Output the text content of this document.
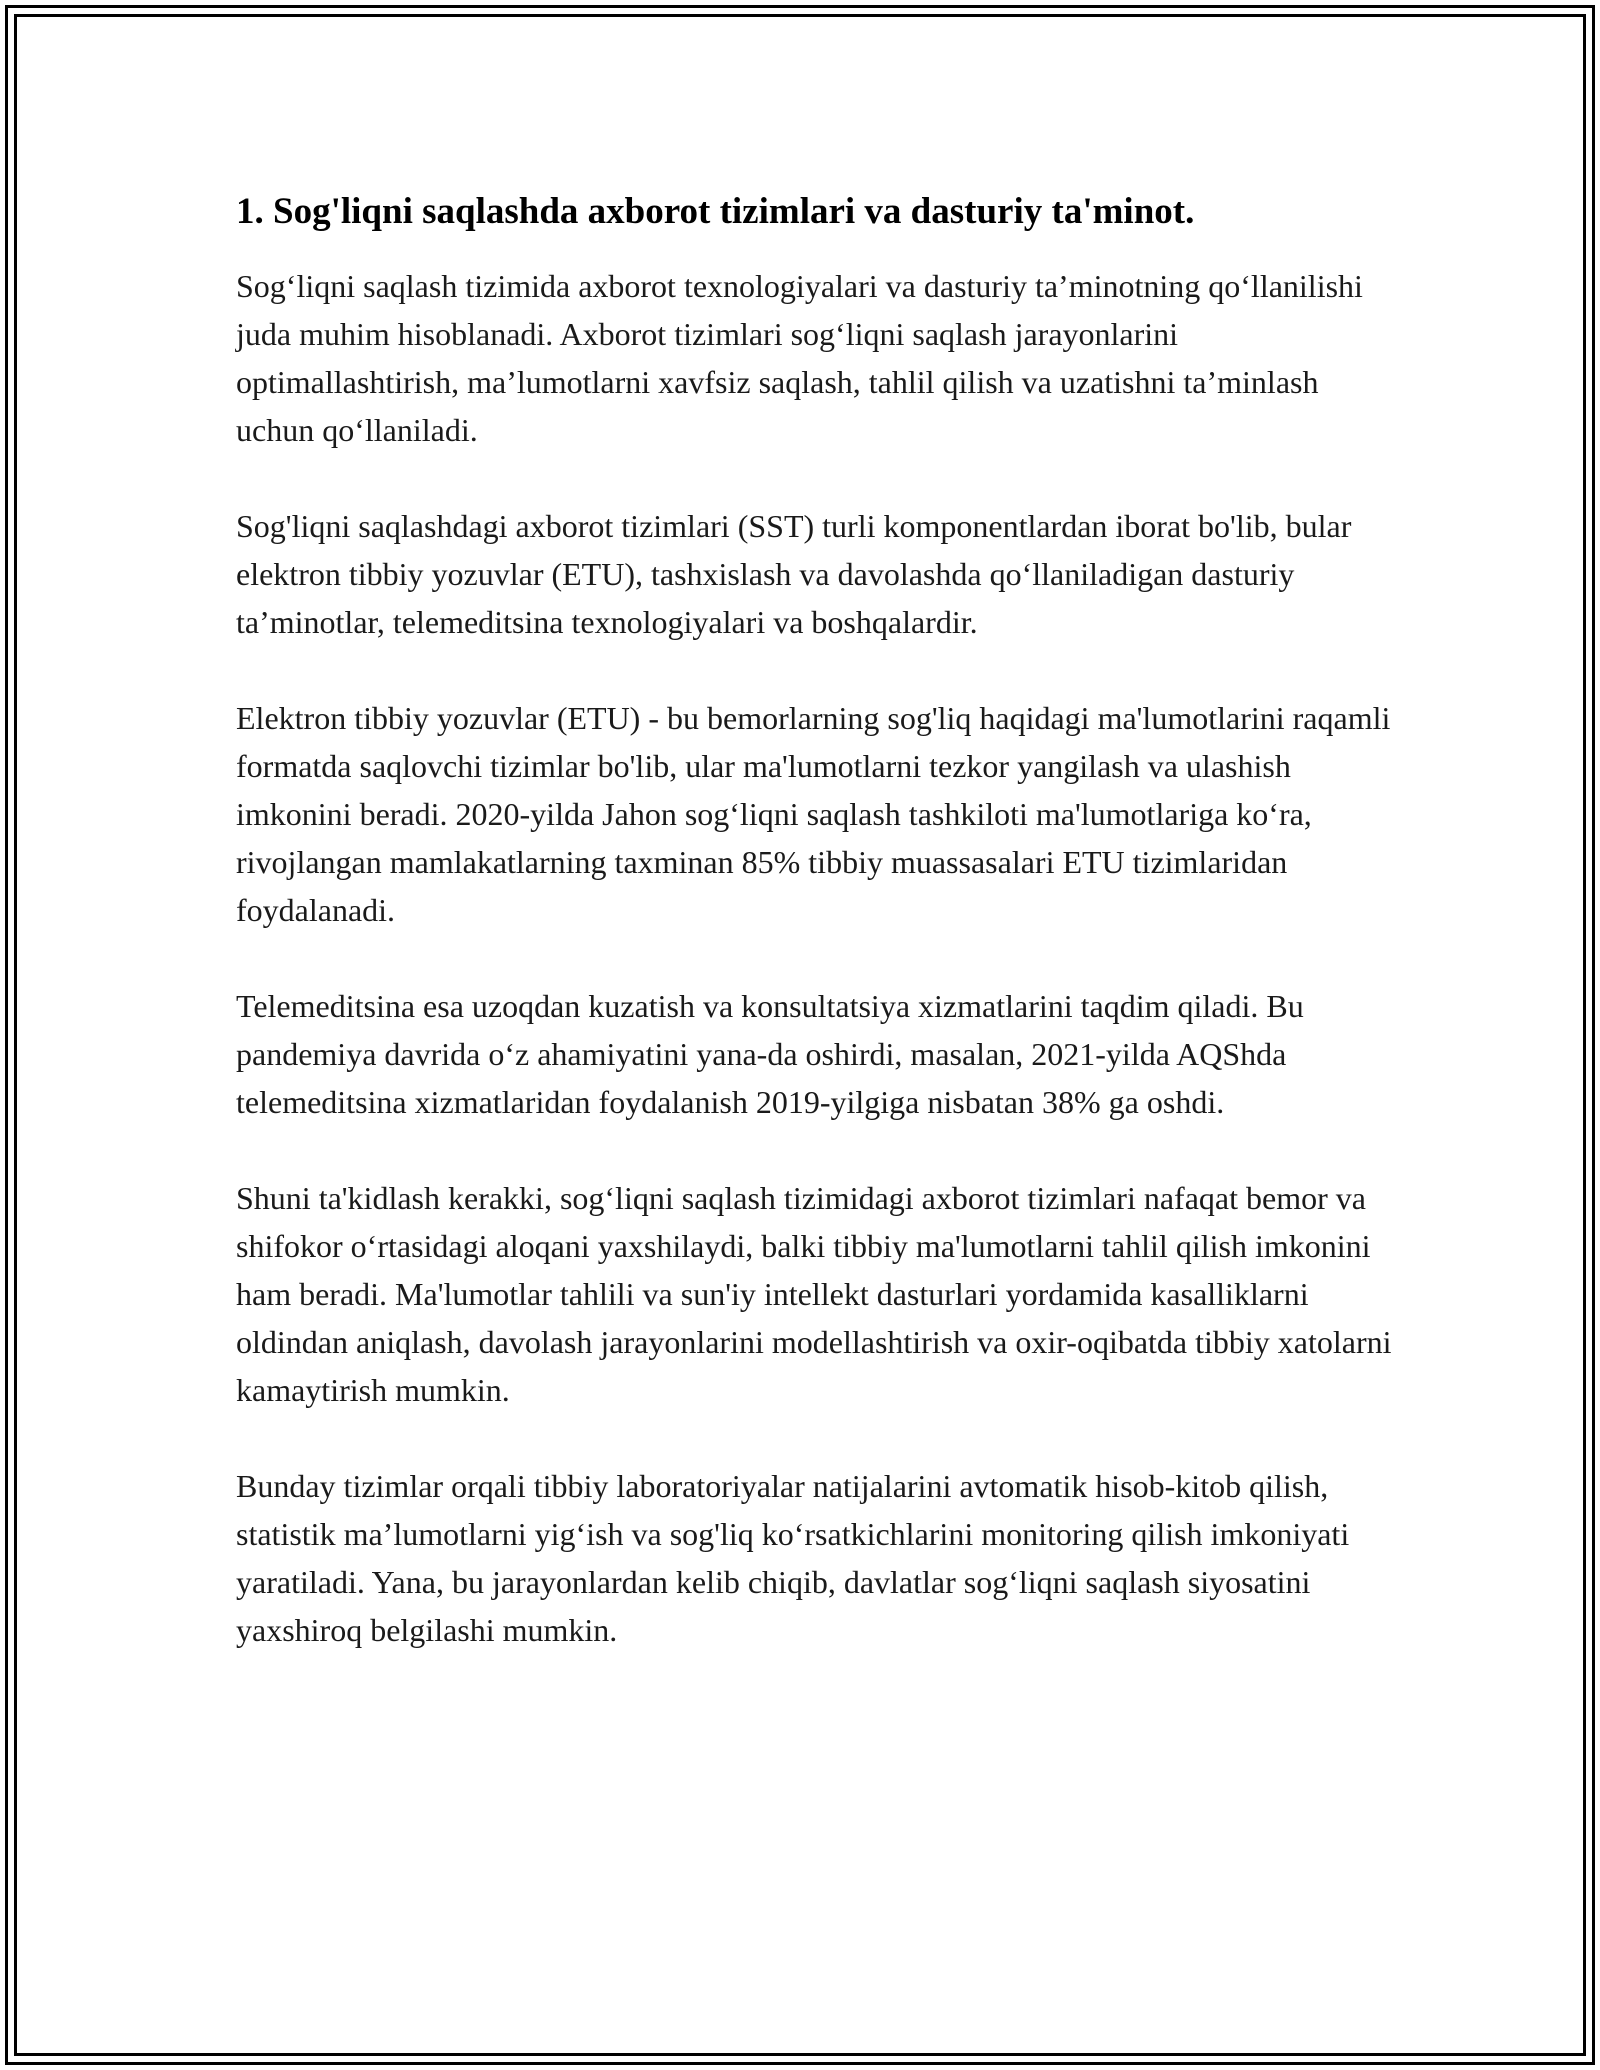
1. Sog'liqni saqlashda axborot tizimlari va dasturiy ta'minot.

Sog‘liqni saqlash tizimida axborot texnologiyalari va dasturiy ta’minotning qo‘llanilishi juda muhim hisoblanadi. Axborot tizimlari sog‘liqni saqlash jarayonlarini optimallashtirish, ma’lumotlarni xavfsiz saqlash, tahlil qilish va uzatishni ta’minlash uchun qo‘llaniladi.

Sog'liqni saqlashdagi axborot tizimlari (SST) turli komponentlardan iborat bo'lib, bular elektron tibbiy yozuvlar (ETU), tashxislash va davolashda qo‘llaniladigan dasturiy ta’minotlar, telemeditsina texnologiyalari va boshqalardir.

Elektron tibbiy yozuvlar (ETU) - bu bemorlarning sog'liq haqidagi ma'lumotlarini raqamli formatda saqlovchi tizimlar bo'lib, ular ma'lumotlarni tezkor yangilash va ulashish imkonini beradi. 2020-yilda Jahon sog‘liqni saqlash tashkiloti ma'lumotlariga ko‘ra, rivojlangan mamlakatlarning taxminan 85% tibbiy muassasalari ETU tizimlaridan foydalanadi.

Telemeditsina esa uzoqdan kuzatish va konsultatsiya xizmatlarini taqdim qiladi. Bu pandemiya davrida o‘z ahamiyatini yana-da oshirdi, masalan, 2021-yilda AQShda telemeditsina xizmatlaridan foydalanish 2019-yilgiga nisbatan 38% ga oshdi.

Shuni ta'kidlash kerakki, sog‘liqni saqlash tizimidagi axborot tizimlari nafaqat bemor va shifokor o‘rtasidagi aloqani yaxshilaydi, balki tibbiy ma'lumotlarni tahlil qilish imkonini ham beradi. Ma'lumotlar tahlili va sun'iy intellekt dasturlari yordamida kasalliklarni oldindan aniqlash, davolash jarayonlarini modellashtirish va oxir-oqibatda tibbiy xatolarni kamaytirish mumkin.

Bunday tizimlar orqali tibbiy laboratoriyalar natijalarini avtomatik hisob-kitob qilish, statistik ma’lumotlarni yig‘ish va sog'liq ko‘rsatkichlarini monitoring qilish imkoniyati yaratiladi. Yana, bu jarayonlardan kelib chiqib, davlatlar sog‘liqni saqlash siyosatini yaxshiroq belgilashi mumkin.
